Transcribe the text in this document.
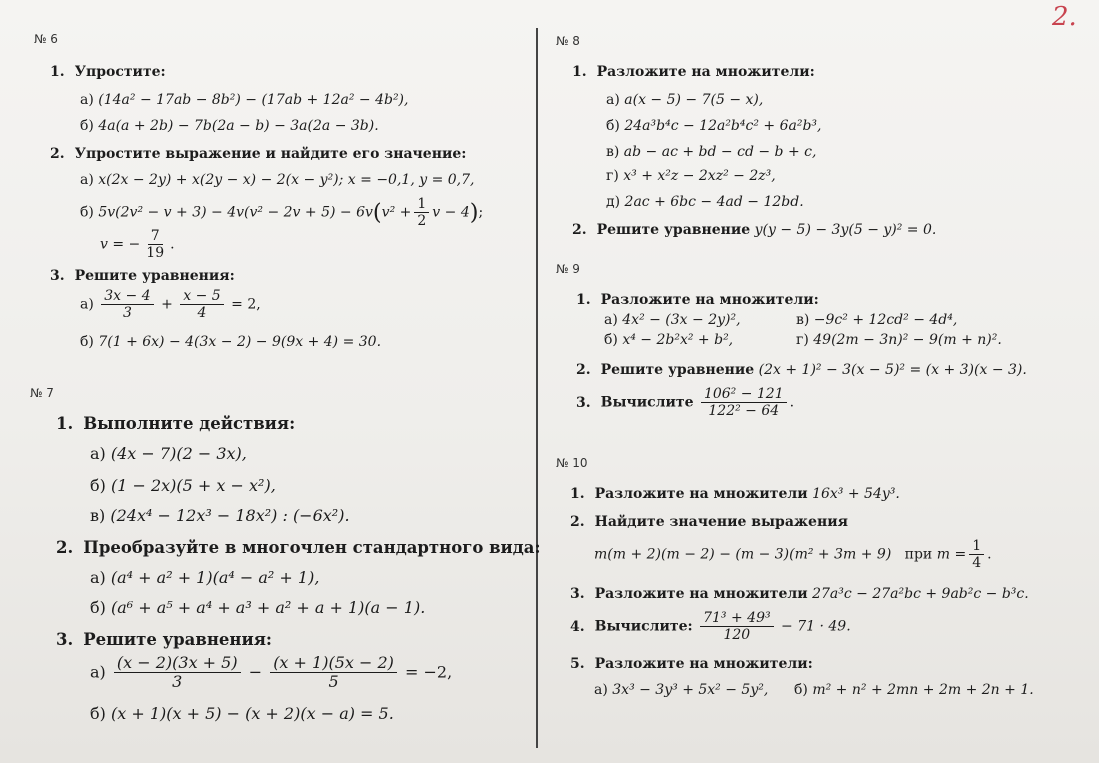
2.
№ 6
1. Упростите:
а) (14a² − 17ab − 8b²) − (17ab + 12a² − 4b²),
б) 4a(a + 2b) − 7b(2a − b) − 3a(2a − 3b).
2. Упростите выражение и найдите его значение:
а) x(2x − 2y) + x(2y − x) − 2(x − y²); x = −0,1, y = 0,7,
б) $5v(2v^2 - v + 3) - 4v(v^2 - 2v + 5) - 6v(v^2 + \frac{1}{2}$ v − 4);
v = − $\frac{7}{19}$ .
3. Решите уравнения:
$а) \frac{3x - 4}{3} + \frac{x - 5}{4} = 2$,
б) 7(1 + 6x) − 4(3x − 2) − 9(9x + 4) = 30.
№ 7
1. Выполните действия:
а) (4x − 7)(2 − 3x),
б) (1 − 2x)(5 + x − x²),
в) (24x⁴ − 12x³ − 18x²) : (−6x²).
2. Преобразуйте в многочлен стандартного вида:
а) (a⁴ + a² + 1)(a⁴ − a² + 1),
б) (a⁶ + a⁵ + a⁴ + a³ + a² + a + 1)(a − 1).
3. Решите уравнения:
$а) \frac{(x - 2)(3x + 5)}{3} - \frac{(x + 1)(5x - 2)}{5} = -2$,
б) (x + 1)(x + 5) − (x + 2)(x − a) = 5.
№ 8
1. Разложите на множители:
а) a(x − 5) − 7(5 − x),
б) 24a³b⁴c − 12a²b⁴c² + 6a²b³,
в) ab − ac + bd − cd − b + c,
г) x³ + x²z − 2xz² − 2z³,
д) 2ac + 6bc − 4ad − 12bd.
2. Решите уравнение y(y − 5) − 3y(5 − y)² = 0.
№ 9
1. Разложите на множители:
а) 4x² − (3x − 2y)²,
б) x⁴ − 2b²x² + b²,
в) −9c² + 12cd² − 4d⁴,
г) 49(2m − 3n)² − 9(m + n)².
2. Решите уравнение (2x + 1)² − 3(x − 5)² = (x + 3)(x − 3).
3. Вычислите $\frac{\text{106² − 121}}{\text{122² − 64}}$ .
№ 10
1. Разложите на множители 16x³ + 54y³.
2. Найдите значение выражения
m(m + 2)(m − 2) − (m − 3)(m² + 3m + 9) при $m = \frac{1}{4}$ .
3. Разложите на множители 27a³c − 27a²bc + 9ab²c − b³c.
4. Вычислите: $\frac{\text{71³ + 49³}}{120} - 71 \cdot 49$.
5. Разложите на множители:
а) 3x³ − 3y³ + 5x² − 5y², б) m² + n² + 2mn + 2m + 2n + 1.
